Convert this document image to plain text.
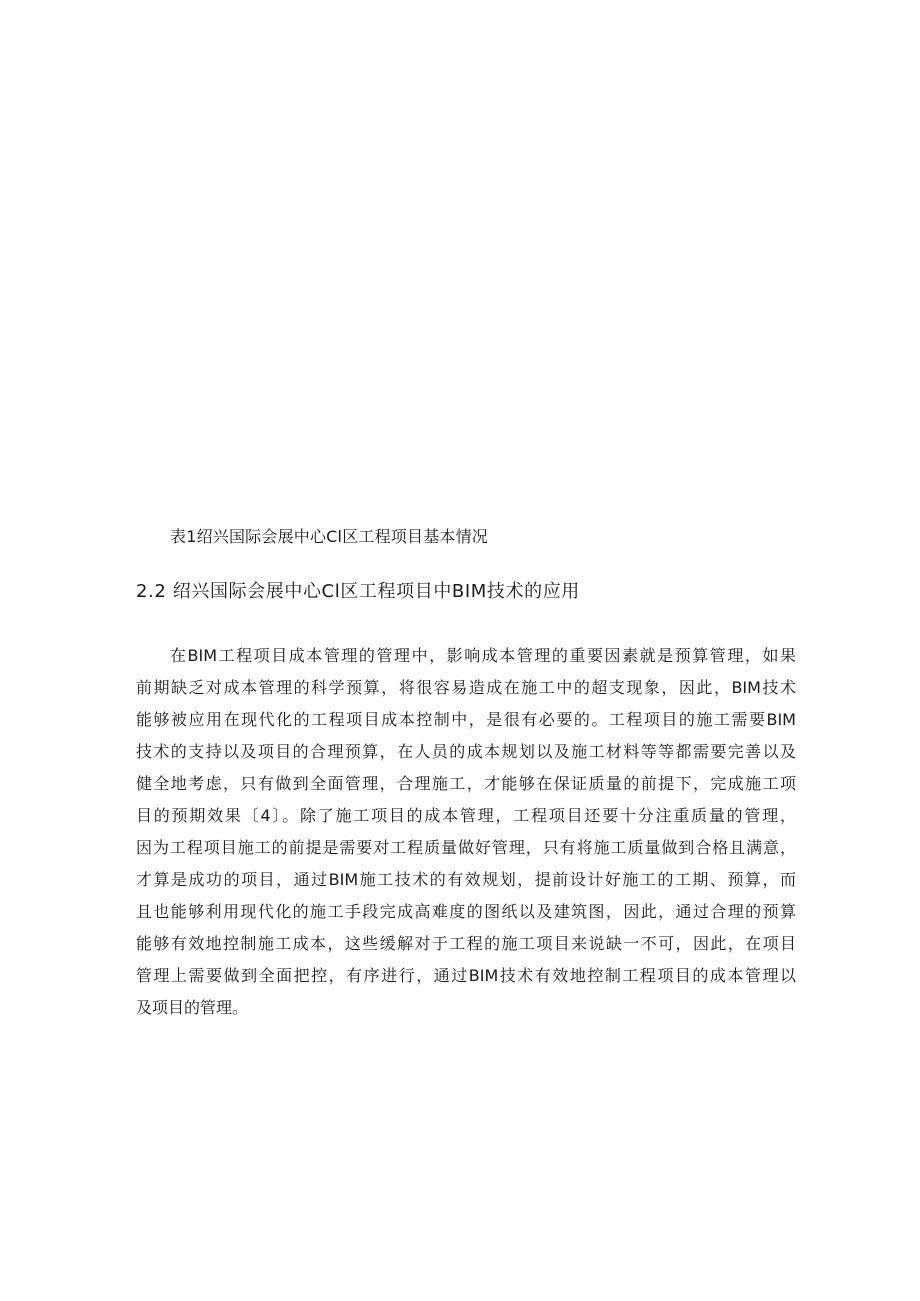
表1绍兴国际会展中心Cl区工程项目基本情况
2.2 绍兴国际会展中心Cl区工程项目中BIM技术的应用
在BIM工程项目成本管理的管理中，影响成本管理的重要因素就是预算管理，如果
前期缺乏对成本管理的科学预算，将很容易造成在施工中的超支现象，因此，BIM技术
能够被应用在现代化的工程项目成本控制中，是很有必要的。工程项目的施工需要BIM
技术的支持以及项目的合理预算，在人员的成本规划以及施工材料等等都需要完善以及
健全地考虑，只有做到全面管理，合理施工，才能够在保证质量的前提下，完成施工项
目的预期效果〔4〕。除了施工项目的成本管理，工程项目还要十分注重质量的管理，
因为工程项目施工的前提是需要对工程质量做好管理，只有将施工质量做到合格且满意，
才算是成功的项目，通过BIM施工技术的有效规划，提前设计好施工的工期、预算，而
且也能够利用现代化的施工手段完成高难度的图纸以及建筑图，因此，通过合理的预算
能够有效地控制施工成本，这些缓解对于工程的施工项目来说缺一不可，因此，在项目
管理上需要做到全面把控，有序进行，通过BIM技术有效地控制工程项目的成本管理以
及项目的管理。
